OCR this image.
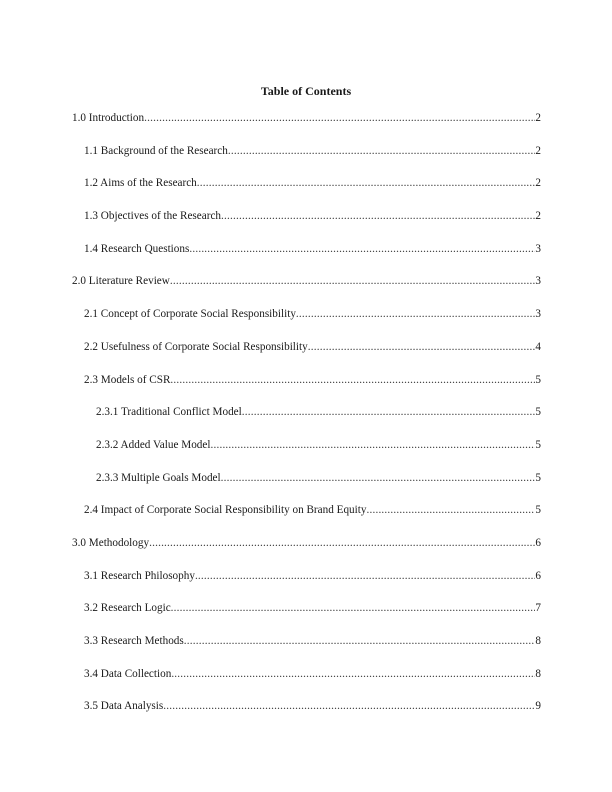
Table of Contents
1.0 Introduction .....	2
1.1 Background of the Research .....	2
1.2 Aims of the Research .....	2
1.3 Objectives of the Research .....	2
1.4 Research Questions .....	3
2.0 Literature Review .....	3
2.1 Concept of Corporate Social Responsibility .....	3
2.2 Usefulness of Corporate Social Responsibility .....	4
2.3 Models of CSR .....	5
2.3.1 Traditional Conflict Model .....	5
2.3.2 Added Value Model .....	5
2.3.3 Multiple Goals Model .....	5
2.4 Impact of Corporate Social Responsibility on Brand Equity .....	5
3.0 Methodology .....	6
3.1 Research Philosophy .....	6
3.2 Research Logic .....	7
3.3 Research Methods .....	8
3.4 Data Collection .....	8
3.5 Data Analysis .....	9
